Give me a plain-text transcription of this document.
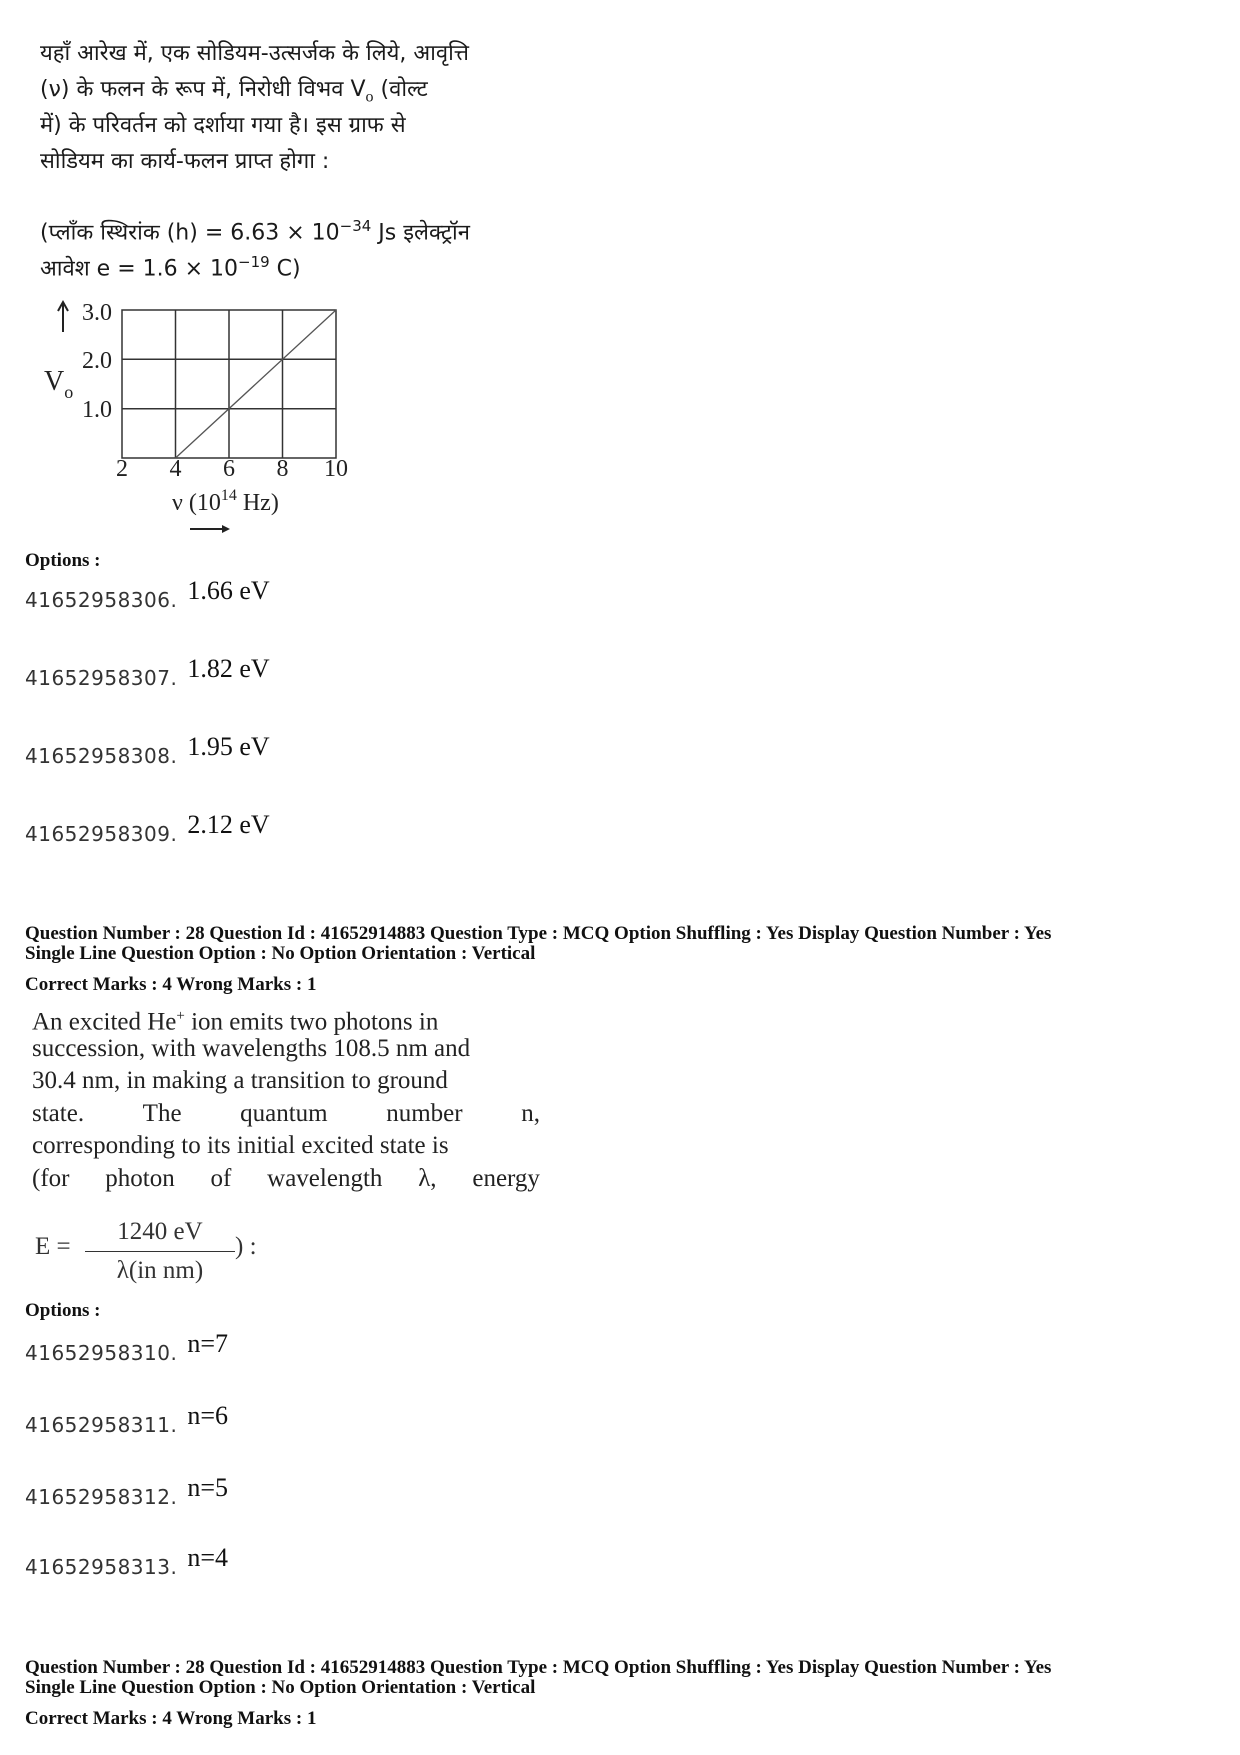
यहाँ आरेख में, एक सोडियम-उत्सर्जक के लिये, आवृत्ति
(ν) के फलन के रूप में, निरोधी विभव $V_o$ (वोल्ट
में) के परिवर्तन को दर्शाया गया है। इस ग्राफ से
सोडियम का कार्य-फलन प्राप्त होगा :
(प्लाँक स्थिरांक $(h) = 6.63 \times 10^{-34}$ Js इलेक्ट्रॉन
आवेश $e = 1.6 \times 10^{-19}$ C)
3.0
2.0
1.0
2 4 6 8 10
$V_o$
ν ($10^{14}$ Hz)
Options :
41652958306. 1.66 eV
41652958307. 1.82 eV
41652958308. 1.95 eV
41652958309. 2.12 eV
Question Number : 28 Question Id : 41652914883 Question Type : MCQ Option Shuffling : Yes Display Question Number : Yes
Single Line Question Option : No Option Orientation : Vertical
Correct Marks : 4 Wrong Marks : 1
An excited He+ ion emits two photons in
succession, with wavelengths 108.5 nm and
30.4 nm, in making a transition to ground
state. The quantum number n,
corresponding to its initial excited state is
(for photon of wavelength λ, energy
E =
1240 eV
λ(in nm)
) :
Options :
41652958310. n=7
41652958311. n=6
41652958312. n=5
41652958313. n=4
Question Number : 28 Question Id : 41652914883 Question Type : MCQ Option Shuffling : Yes Display Question Number : Yes
Single Line Question Option : No Option Orientation : Vertical
Correct Marks : 4 Wrong Marks : 1
